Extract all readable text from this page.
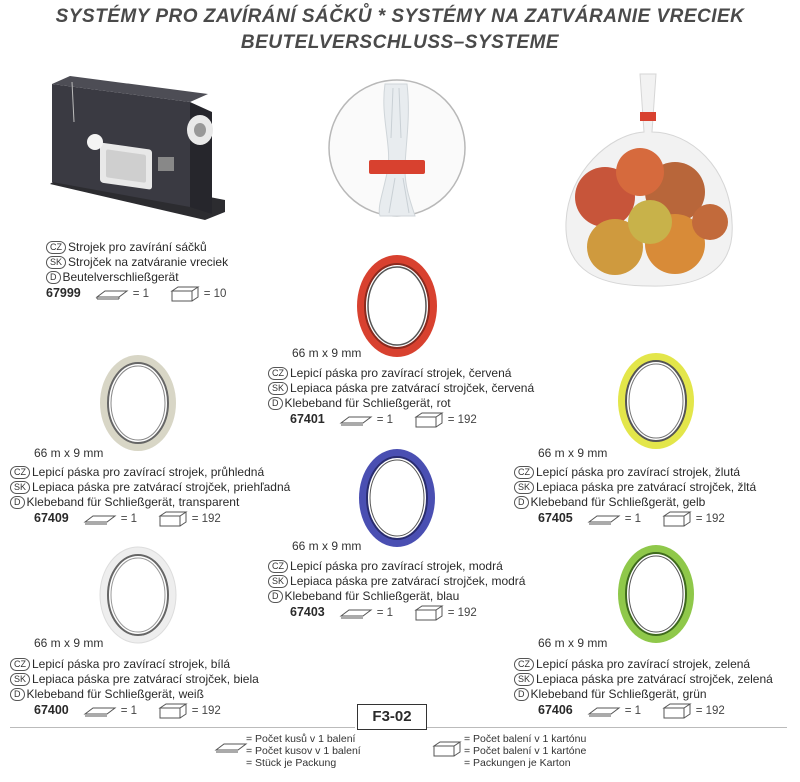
SYSTÉMY PRO ZAVÍRÁNÍ SÁČKŮ * SYSTÉMY NA ZATVÁRANIE VRECIEK
BEUTELVERSCHLUSS–SYSTEME
CZ Strojek pro zavírání sáčků
SK Strojček na zatváranie vreciek
D Beutelverschließgerät
67999	= 1	= 10
66 m x 9 mm
66 m x 9 mm	66 m x 9 mm
66 m x 9 mm
66 m x 9 mm	66 m x 9 mm
CZ Lepicí páska pro zavírací strojek, červená
SK Lepiaca páska pre zatvárací strojček, červená
D Klebeband für Schließgerät, rot
67401	= 1	= 192
CZ Lepicí páska pro zavírací strojek, průhledná
SK Lepiaca páska pre zatvárací strojček, priehľadná
D Klebeband für Schließgerät, transparent
67409	= 1	= 192
CZ Lepicí páska pro zavírací strojek, žlutá
SK Lepiaca páska pre zatvárací strojček, žltá
D Klebeband für Schließgerät, gelb
67405	= 1	= 192
CZ Lepicí páska pro zavírací strojek, modrá
SK Lepiaca páska pre zatvárací strojček, modrá
D Klebeband für Schließgerät, blau
67403	= 1	= 192
CZ Lepicí páska pro zavírací strojek, bílá
SK Lepiaca páska pre zatvárací strojček, biela
D Klebeband für Schließgerät, weiß
67400	= 1	= 192
CZ Lepicí páska pro zavírací strojek, zelená
SK Lepiaca páska pre zatvárací strojček, zelená
D Klebeband für Schließgerät, grün
67406	= 1	= 192
F3-02
= Počet kusů v 1 balení
= Počet kusov v 1 balení
= Stück je Packung
= Počet balení v 1 kartónu
= Počet balení v 1 kartóne
= Packungen je Karton
